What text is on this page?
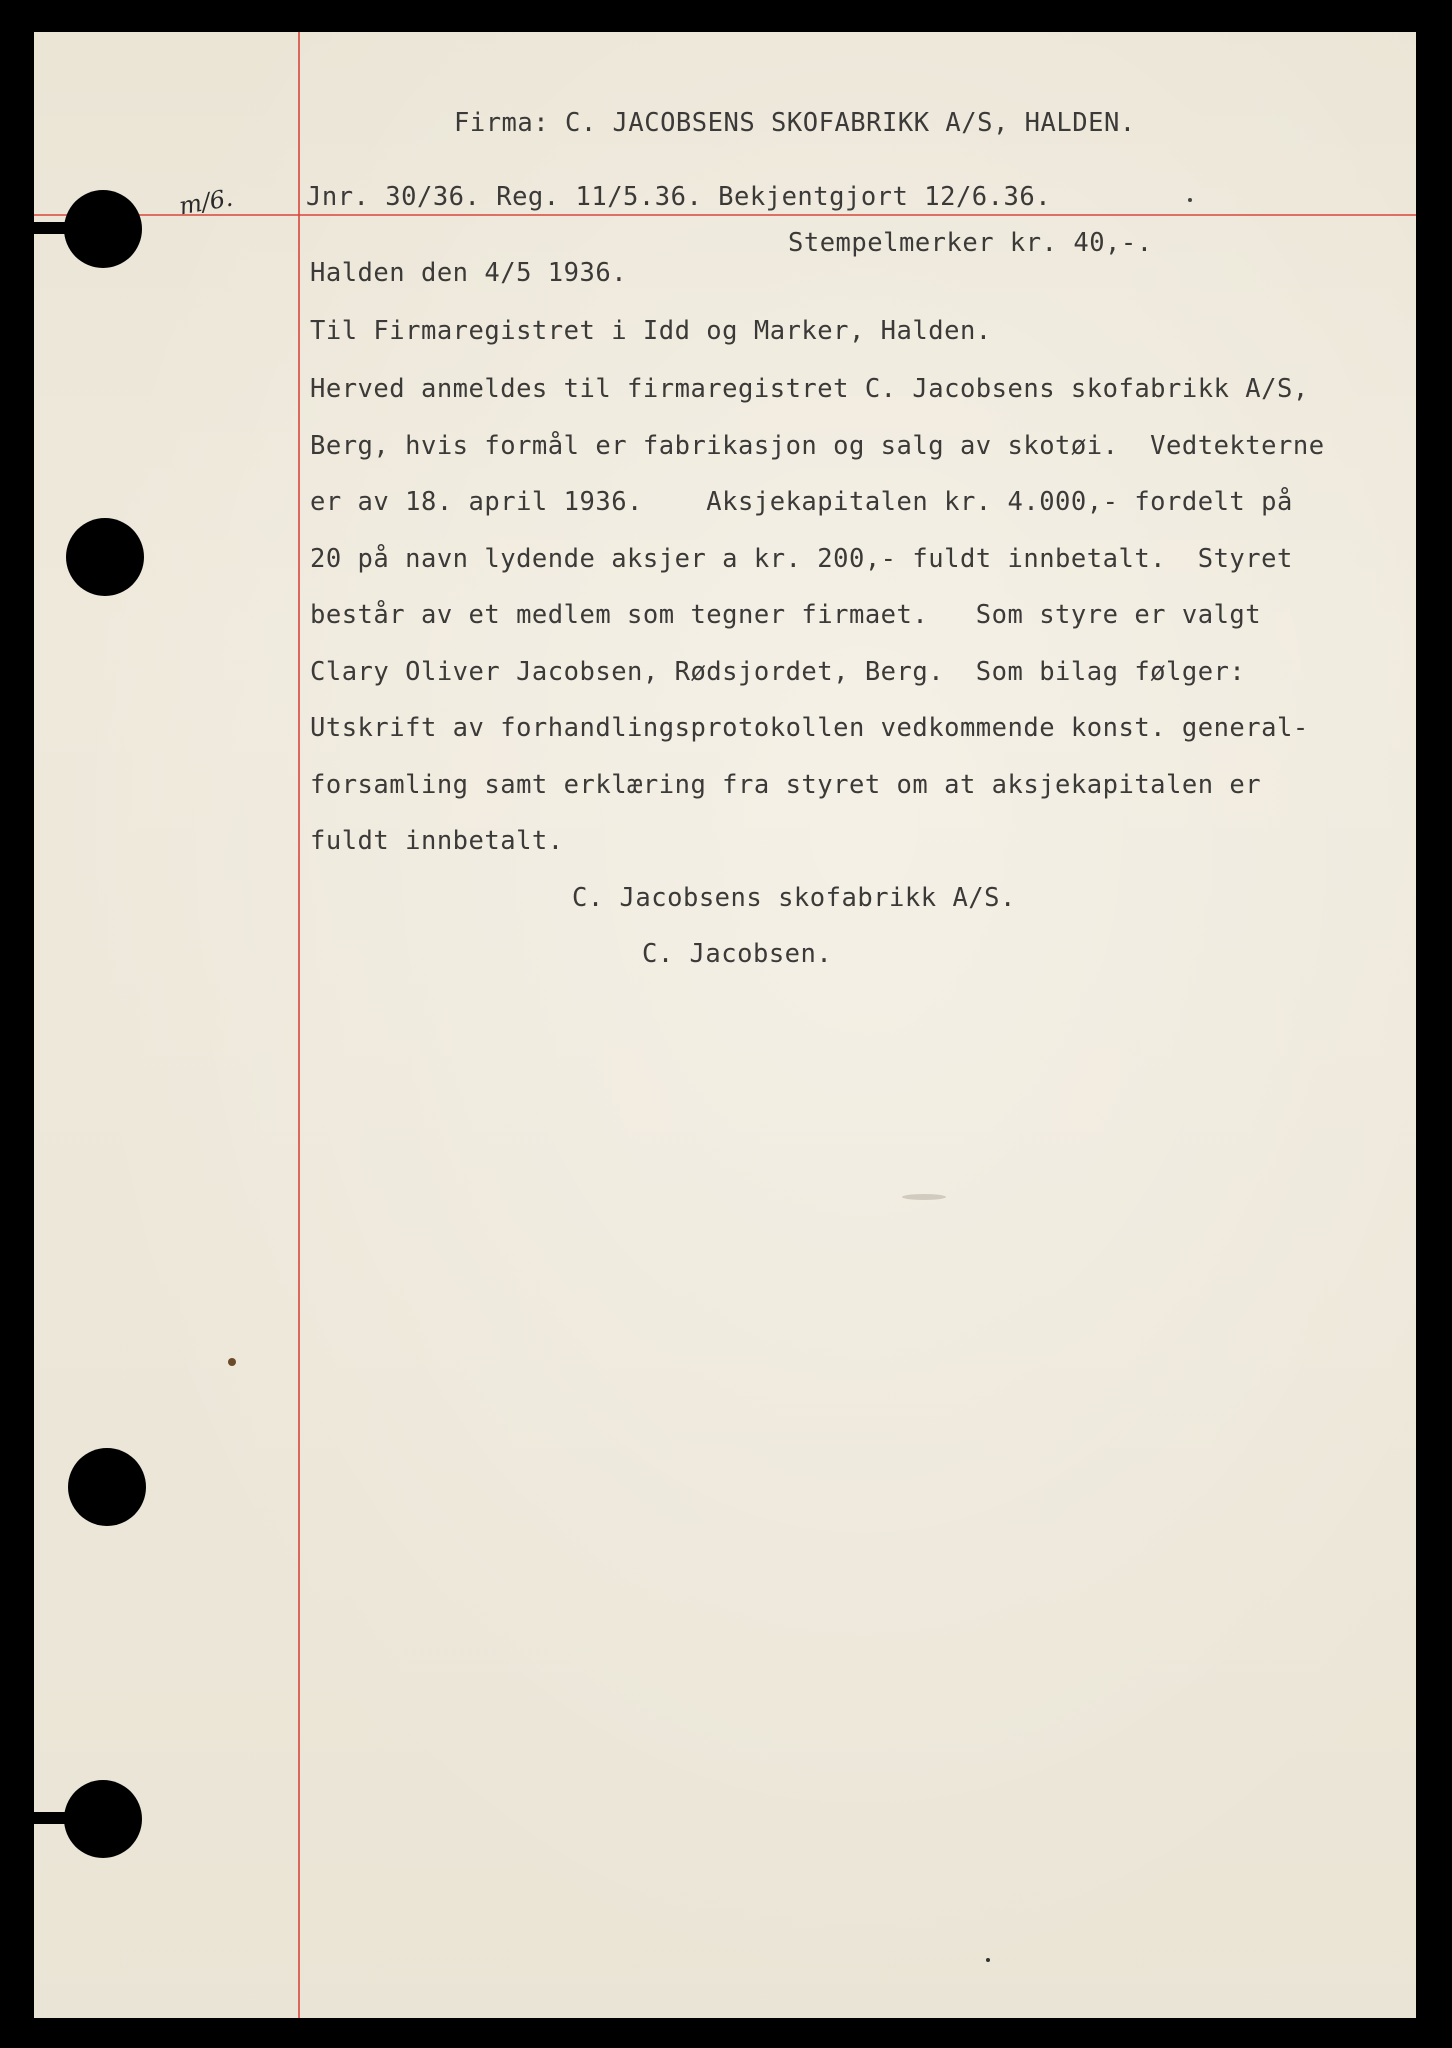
Firma: C. JACOBSENS SKOFABRIKK A/S, HALDEN.
m/6.	Jnr. 30/36. Reg. 11/5.36. Bekjentgjort 12/6.36.
Stempelmerker kr. 40,-.
Halden den 4/5 1936.
Til Firmaregistret i Idd og Marker, Halden.
Herved anmeldes til firmaregistret C. Jacobsens skofabrikk A/S,
Berg, hvis formål er fabrikasjon og salg av skotøi.  Vedtekterne
er av 18. april 1936.    Aksjekapitalen kr. 4.000,- fordelt på
20 på navn lydende aksjer a kr. 200,- fuldt innbetalt.  Styret
består av et medlem som tegner firmaet.   Som styre er valgt
Clary Oliver Jacobsen, Rødsjordet, Berg.  Som bilag følger:
Utskrift av forhandlingsprotokollen vedkommende konst. general-
forsamling samt erklæring fra styret om at aksjekapitalen er
fuldt innbetalt.
C. Jacobsens skofabrikk A/S.
C. Jacobsen.
